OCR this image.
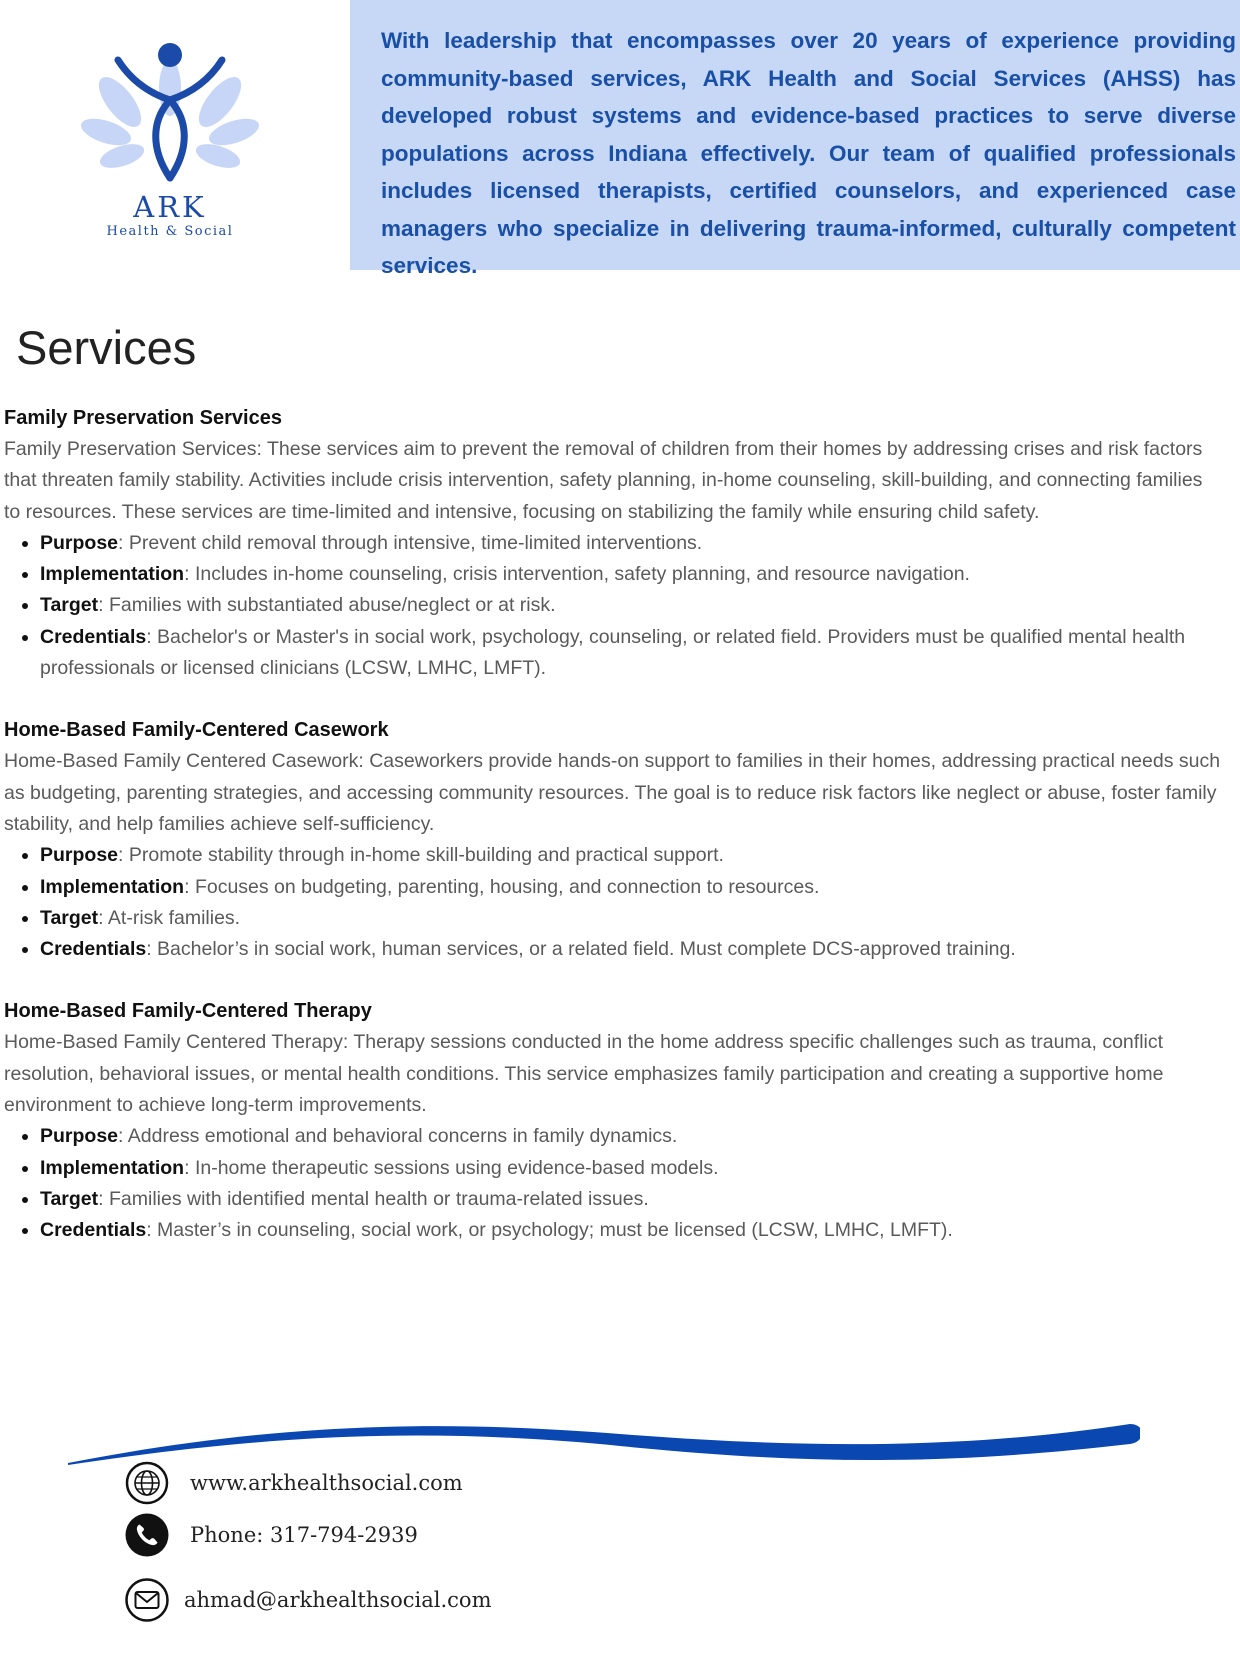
ARK
Health & Social

With leadership that encompasses over 20 years of experience providing community-based services, ARK Health and Social Services (AHSS) has developed robust systems and evidence-based practices to serve diverse populations across Indiana effectively. Our team of qualified professionals includes licensed therapists, certified counselors, and experienced case managers who specialize in delivering trauma-informed, culturally competent services.

Services
Family Preservation Services

Family Preservation Services: These services aim to prevent the removal of children from their homes by addressing crises and risk factors that threaten family stability. Activities include crisis intervention, safety planning, in-home counseling, skill-building, and connecting families to resources. These services are time-limited and intensive, focusing on stabilizing the family while ensuring child safety.

• Purpose: Prevent child removal through intensive, time-limited interventions.
• Implementation: Includes in-home counseling, crisis intervention, safety planning, and resource navigation.
• Target: Families with substantiated abuse/neglect or at risk.
• Credentials: Bachelor's or Master's in social work, psychology, counseling, or related field. Providers must be qualified mental health professionals or licensed clinicians (LCSW, LMHC, LMFT).
Home-Based Family-Centered Casework

Home-Based Family Centered Casework: Caseworkers provide hands-on support to families in their homes, addressing practical needs such as budgeting, parenting strategies, and accessing community resources. The goal is to reduce risk factors like neglect or abuse, foster family stability, and help families achieve self-sufficiency.

• Purpose: Promote stability through in-home skill-building and practical support.
• Implementation: Focuses on budgeting, parenting, housing, and connection to resources.
• Target: At-risk families.
• Credentials: Bachelor’s in social work, human services, or a related field. Must complete DCS-approved training.
Home-Based Family-Centered Therapy

Home-Based Family Centered Therapy: Therapy sessions conducted in the home address specific challenges such as trauma, conflict resolution, behavioral issues, or mental health conditions. This service emphasizes family participation and creating a supportive home environment to achieve long-term improvements.

• Purpose: Address emotional and behavioral concerns in family dynamics.
• Implementation: In-home therapeutic sessions using evidence-based models.
• Target: Families with identified mental health or trauma-related issues.
• Credentials: Master’s in counseling, social work, or psychology; must be licensed (LCSW, LMHC, LMFT).
www.arkhealthsocial.com
Phone: 317-794-2939
ahmad@arkhealthsocial.com
